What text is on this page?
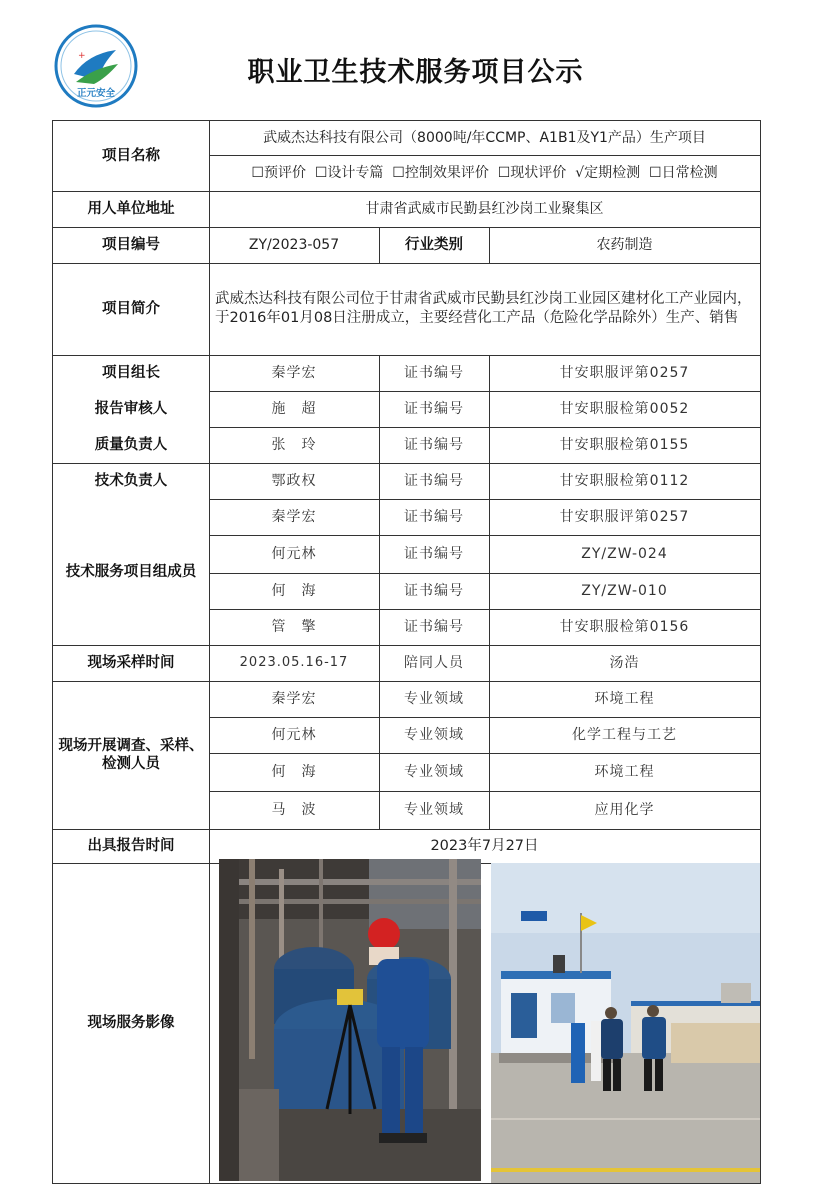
+
正元安全
职业卫生技术服务项目公示
项目名称
武威杰达科技有限公司（8000吨/年CCMP、A1B1及Y1产品）生产项目
☐预评价  ☐设计专篇  ☐控制效果评价  ☐现状评价  √定期检测  ☐日常检测
用人单位地址	甘肃省武威市民勤县红沙岗工业聚集区
项目编号	ZY/2023-057	行业类别	农药制造
项目简介
武威杰达科技有限公司位于甘肃省武威市民勤县红沙岗工业园区建材化工产业园内，于2016年01月08日注册成立，主要经营化工产品（危险化学品除外）生产、销售
项目组长
报告审核人
质量负责人
秦学宏	证书编号	甘安职服评第0257
施　超	证书编号	甘安职服检第0052
张　玲	证书编号	甘安职服检第0155
技术负责人	鄂政权	证书编号	甘安职服检第0112
技术服务项目组成员
秦学宏	证书编号	甘安职服评第0257
何元林	证书编号	ZY/ZW-024
何　海	证书编号	ZY/ZW-010
管　擎	证书编号	甘安职服检第0156
现场采样时间	2023.05.16-17	陪同人员	汤浩
现场开展调查、采样、检测人员
秦学宏	专业领域	环境工程
何元林	专业领域	化学工程与工艺
何　海	专业领域	环境工程
马　波	专业领域	应用化学
出具报告时间	2023年7月27日
现场服务影像
